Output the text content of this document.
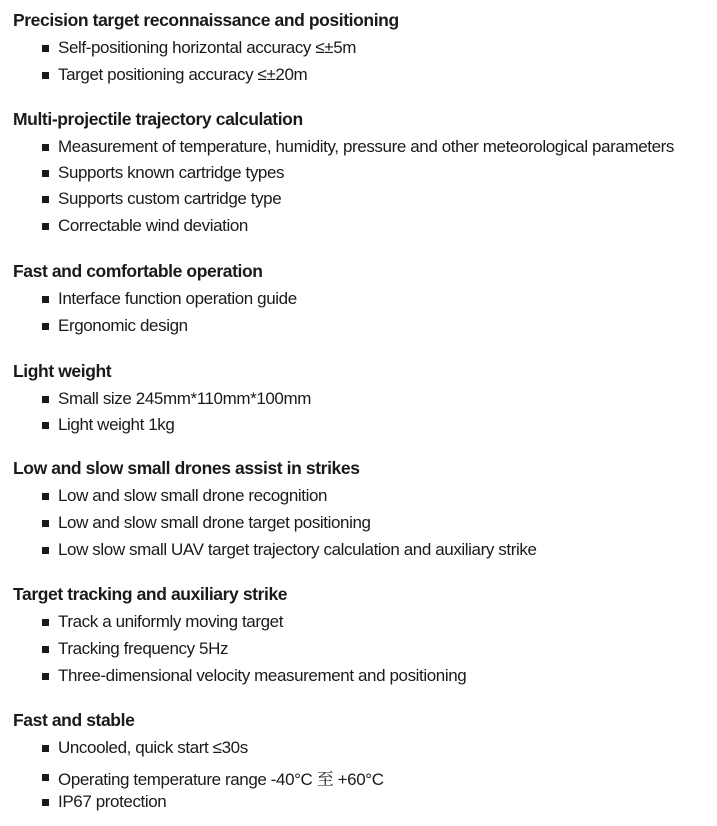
Precision target reconnaissance and positioning
Self-positioning horizontal accuracy ≤±5m
Target positioning accuracy ≤±20m
Multi-projectile trajectory calculation
Measurement of temperature, humidity, pressure and other meteorological parameters
Supports known cartridge types
Supports custom cartridge type
Correctable wind deviation
Fast and comfortable operation
Interface function operation guide
Ergonomic design
Light weight
Small size 245mm*110mm*100mm
Light weight 1kg
Low and slow small drones assist in strikes
Low and slow small drone recognition
Low and slow small drone target positioning
Low slow small UAV target trajectory calculation and auxiliary strike
Target tracking and auxiliary strike
Track a uniformly moving target
Tracking frequency 5Hz
Three-dimensional velocity measurement and positioning
Fast and stable
Uncooled, quick start ≤30s
Operating temperature range -40°C 至 +60°C
IP67 protection
